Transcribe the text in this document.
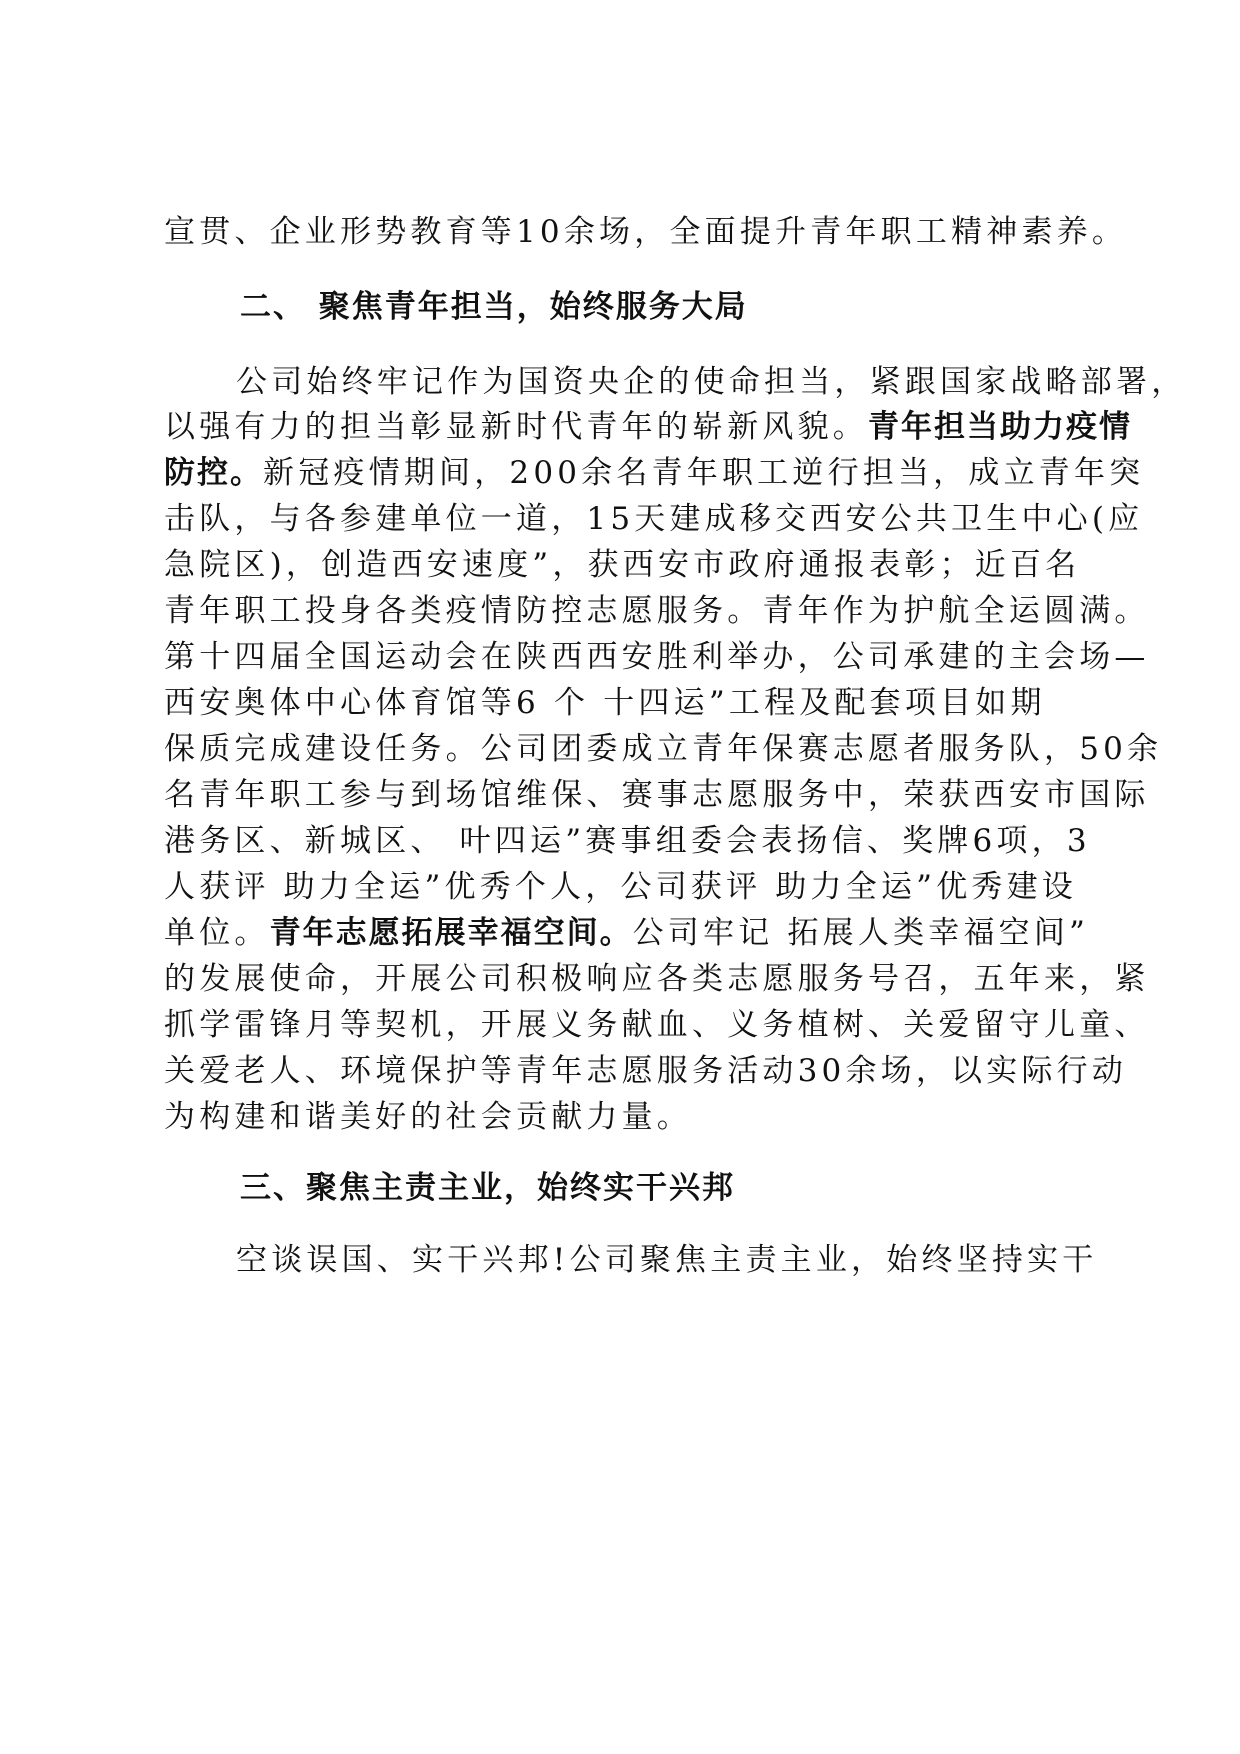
宣贯、企业形势教育等10余场，全面提升青年职工精神素养。
二、 聚焦青年担当，始终服务大局
公司始终牢记作为国资央企的使命担当，紧跟国家战略部署，
以强有力的担当彰显新时代青年的崭新风貌。青年担当助力疫情
防控。新冠疫情期间，200余名青年职工逆行担当，成立青年突
击队，与各参建单位一道，15天建成移交西安公共卫生中心(应
急院区)，创造西安速度”，获西安市政府通报表彰；近百名
青年职工投身各类疫情防控志愿服务。青年作为护航全运圆满。
第十四届全国运动会在陕西西安胜利举办，公司承建的主会场—
西安奥体中心体育馆等6 个 十四运”工程及配套项目如期
保质完成建设任务。公司团委成立青年保赛志愿者服务队，50余
名青年职工参与到场馆维保、赛事志愿服务中，荣获西安市国际
港务区、新城区、 叶四运”赛事组委会表扬信、奖牌6项，3
人获评 助力全运”优秀个人，公司获评 助力全运”优秀建设
单位。青年志愿拓展幸福空间。公司牢记 拓展人类幸福空间”
的发展使命，开展公司积极响应各类志愿服务号召，五年来，紧
抓学雷锋月等契机，开展义务献血、义务植树、关爱留守儿童、
关爱老人、环境保护等青年志愿服务活动30余场，以实际行动
为构建和谐美好的社会贡献力量。
三、聚焦主责主业，始终实干兴邦
空谈误国、实干兴邦!公司聚焦主责主业，始终坚持实干
